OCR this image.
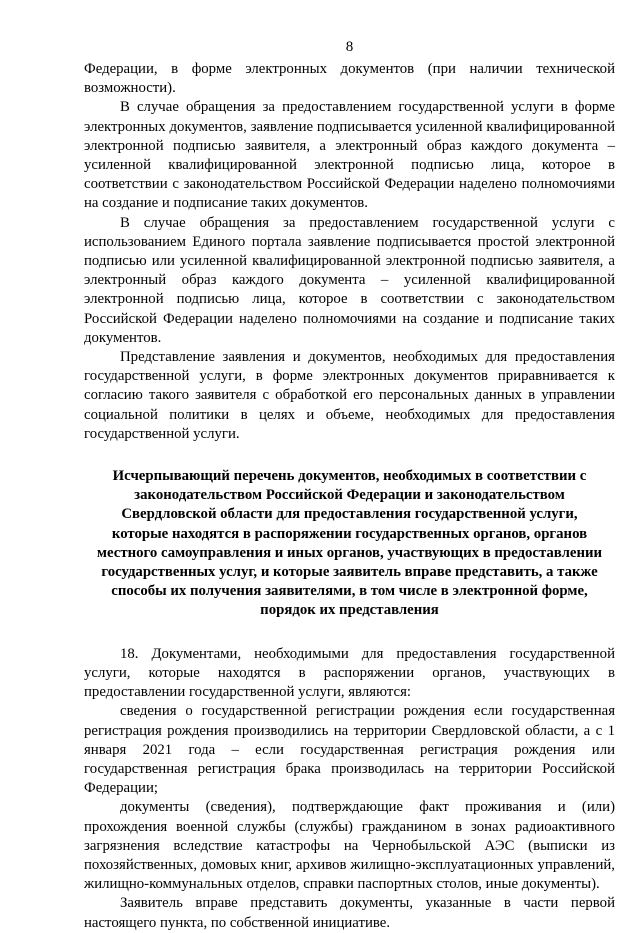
8

Федерации, в форме электронных документов (при наличии технической возможности).

В случае обращения за предоставлением государственной услуги в форме электронных документов, заявление подписывается усиленной квалифицированной электронной подписью заявителя, а электронный образ каждого документа – усиленной квалифицированной электронной подписью лица, которое в соответствии с законодательством Российской Федерации наделено полномочиями на создание и подписание таких документов.

В случае обращения за предоставлением государственной услуги с использованием Единого портала заявление подписывается простой электронной подписью или усиленной квалифицированной электронной подписью заявителя, а электронный образ каждого документа – усиленной квалифицированной электронной подписью лица, которое в соответствии с законодательством Российской Федерации наделено полномочиями на создание и подписание таких документов.

Представление заявления и документов, необходимых для предоставления государственной услуги, в форме электронных документов приравнивается к согласию такого заявителя с обработкой его персональных данных в управлении социальной политики в целях и объеме, необходимых для предоставления государственной услуги.

Исчерпывающий перечень документов, необходимых в соответствии с законодательством Российской Федерации и законодательством Свердловской области для предоставления государственной услуги, которые находятся в распоряжении государственных органов, органов местного самоуправления и иных органов, участвующих в предоставлении государственных услуг, и которые заявитель вправе представить, а также способы их получения заявителями, в том числе в электронной форме, порядок их представления

18. Документами, необходимыми для предоставления государственной услуги, которые находятся в распоряжении органов, участвующих в предоставлении государственной услуги, являются:

сведения о государственной регистрации рождения если государственная регистрация рождения производились на территории Свердловской области, а с 1 января 2021 года – если государственная регистрация рождения или государственная регистрация брака производилась на территории Российской Федерации;

документы (сведения), подтверждающие факт проживания и (или) прохождения военной службы (службы) гражданином в зонах радиоактивного загрязнения вследствие катастрофы на Чернобыльской АЭС (выписки из похозяйственных, домовых книг, архивов жилищно-эксплуатационных управлений, жилищно-коммунальных отделов, справки паспортных столов, иные документы).

Заявитель вправе представить документы, указанные в части первой настоящего пункта, по собственной инициативе.
